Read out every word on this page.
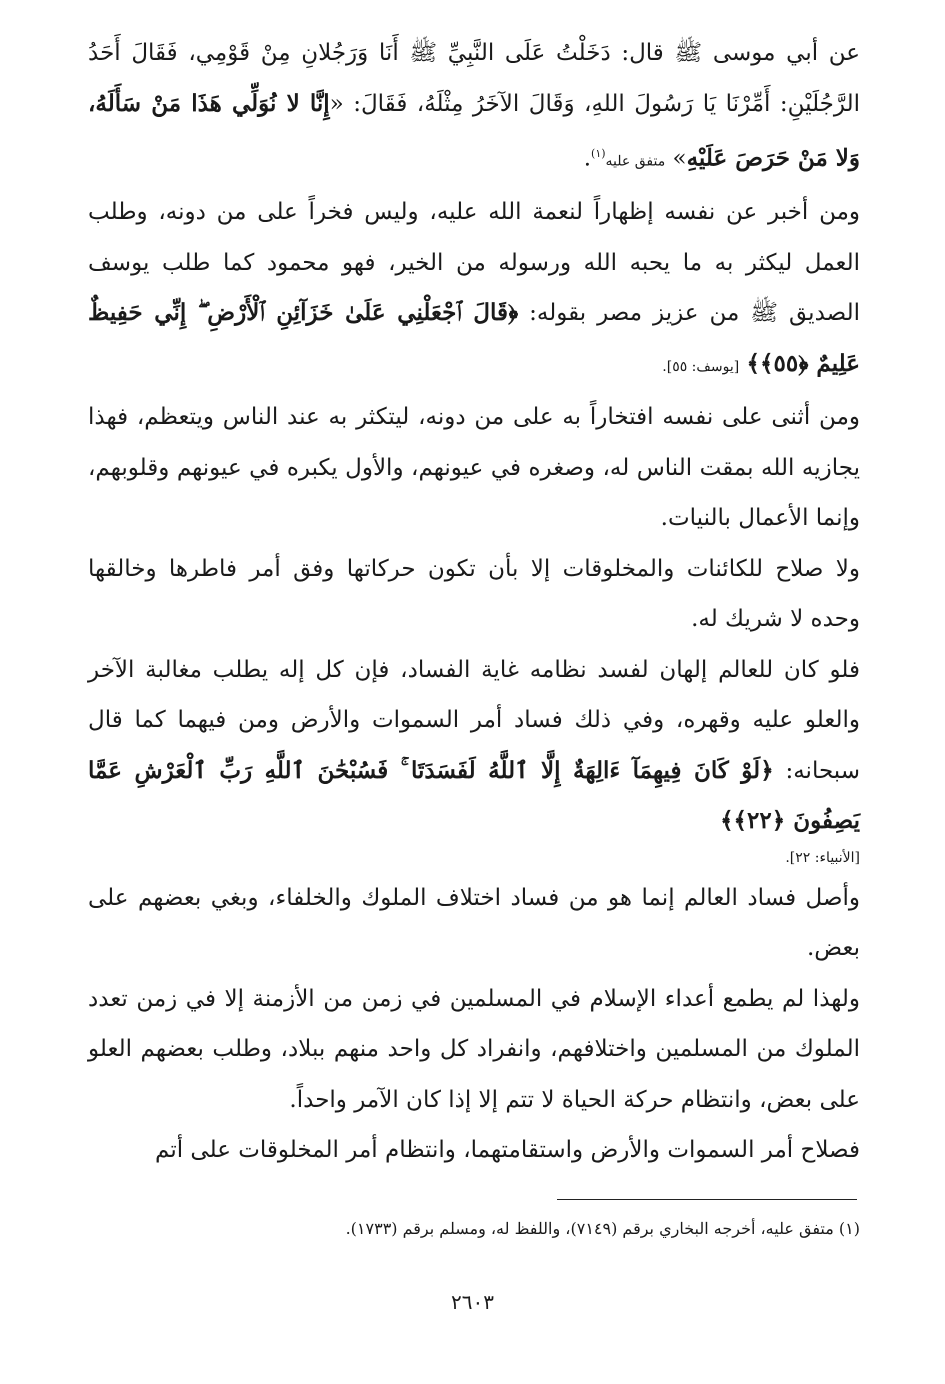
عن أبي موسى ﷺ قال: دَخَلْتُ عَلَى النَّبِيِّ ﷺ أَنَا وَرَجُلانِ مِنْ قَوْمِي، فَقَالَ أَحَدُ الرَّجُلَيْنِ: أَمِّرْنَا يَا رَسُولَ اللهِ، وَقَالَ الآخَرُ مِثْلَهُ، فَقَالَ: «إِنَّا لا نُوَلِّي هَذَا مَنْ سَأَلَهُ، وَلا مَنْ حَرَصَ عَلَيْهِ» متفق عليه$^{(١)}$.

ومن أخبر عن نفسه إظهاراً لنعمة الله عليه، وليس فخراً على من دونه، وطلب العمل ليكثر به ما يحبه الله ورسوله من الخير، فهو محمود كما طلب يوسف الصديق ﷺ من عزيز مصر بقوله: ﴿قَالَ ٱجْعَلْنِي عَلَىٰ خَزَآئِنِ ٱلْأَرْضِ ۖ إِنِّي حَفِيظٌ عَلِيمٌ ﴿٥٥﴾﴾ [يوسف: ٥٥].

ومن أثنى على نفسه افتخاراً به على من دونه، ليتكثر به عند الناس ويتعظم، فهذا يجازيه الله بمقت الناس له، وصغره في عيونهم، والأول يكبره في عيونهم وقلوبهم، وإنما الأعمال بالنيات.

ولا صلاح للكائنات والمخلوقات إلا بأن تكون حركاتها وفق أمر فاطرها وخالقها وحده لا شريك له.

فلو كان للعالم إلهان لفسد نظامه غاية الفساد، فإن كل إله يطلب مغالبة الآخر والعلو عليه وقهره، وفي ذلك فساد أمر السموات والأرض ومن فيهما كما قال سبحانه: ﴿لَوْ كَانَ فِيهِمَآ ءَالِهَةٌ إِلَّا ٱللَّهُ لَفَسَدَتَا ۚ فَسُبْحَٰنَ ٱللَّهِ رَبِّ ٱلْعَرْشِ عَمَّا يَصِفُونَ ﴿٢٢﴾﴾
[الأنبياء: ٢٢].

وأصل فساد العالم إنما هو من فساد اختلاف الملوك والخلفاء، وبغي بعضهم على بعض.

ولهذا لم يطمع أعداء الإسلام في المسلمين في زمن من الأزمنة إلا في زمن تعدد الملوك من المسلمين واختلافهم، وانفراد كل واحد منهم ببلاد، وطلب بعضهم العلو على بعض، وانتظام حركة الحياة لا تتم إلا إذا كان الآمر واحداً.

فصلاح أمر السموات والأرض واستقامتهما، وانتظام أمر المخلوقات على أتم

(١) متفق عليه، أخرجه البخاري برقم (٧١٤٩)، واللفظ له، ومسلم برقم (١٧٣٣).
٢٦٠٣
